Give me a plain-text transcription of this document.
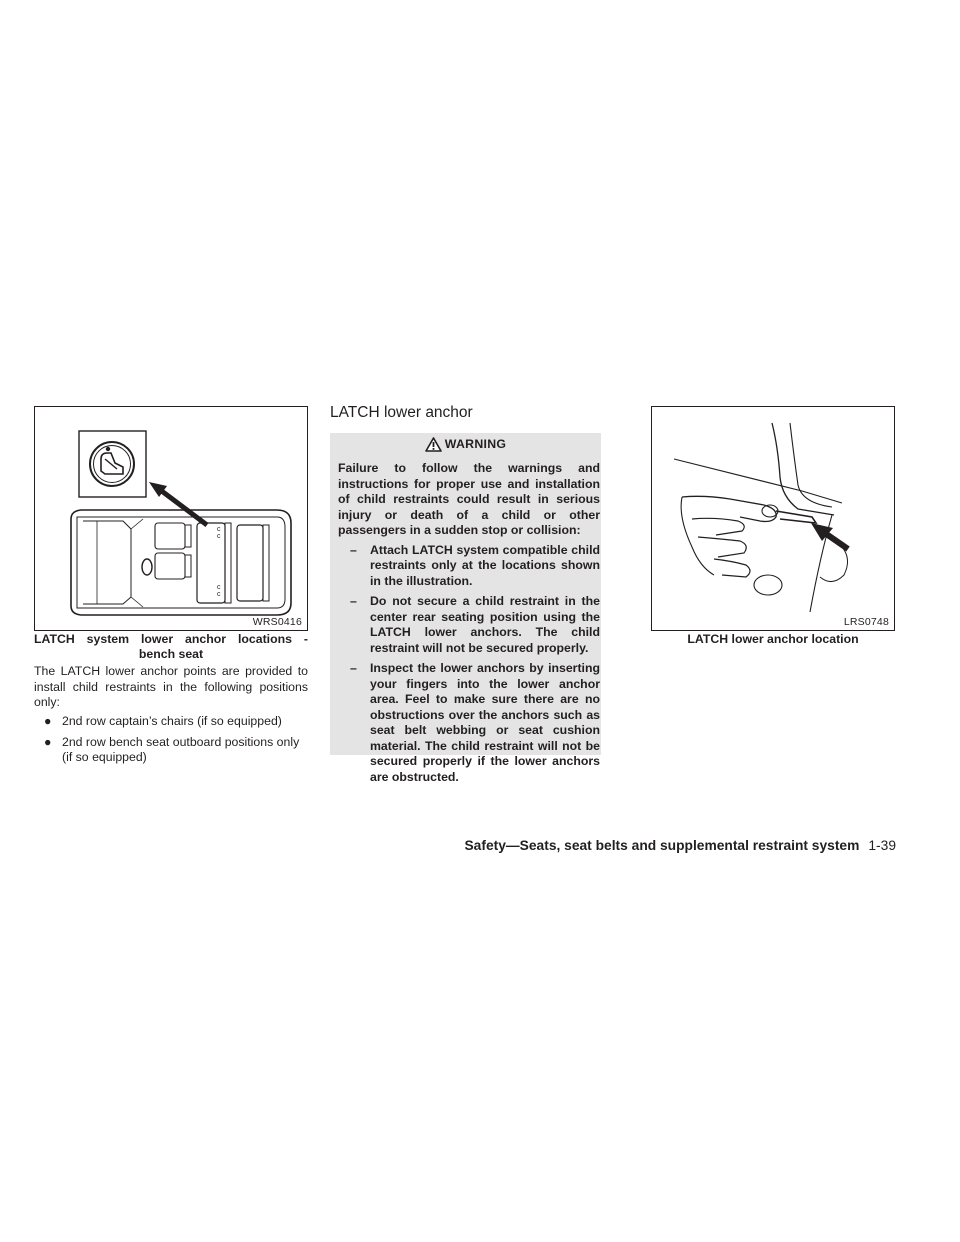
c
c
c
c
WRS0416
LATCH system lower anchor locations -
bench seat
The LATCH lower anchor points are provided to install child restraints in the following positions only:
● 2nd row captain’s chairs (if so equipped)
● 2nd row bench seat outboard positions only (if so equipped)
LATCH lower anchor
WARNING

Failure to follow the warnings and instructions for proper use and installation of child restraints could result in serious injury or death of a child or other passengers in a sudden stop or collision:

– Attach LATCH system compatible child restraints only at the locations shown in the illustration.
– Do not secure a child restraint in the center rear seating position using the LATCH lower anchors. The child restraint will not be secured properly.
– Inspect the lower anchors by inserting your fingers into the lower anchor area. Feel to make sure there are no obstructions over the anchors such as seat belt webbing or seat cushion material. The child restraint will not be secured properly if the lower anchors are obstructed.
LRS0748
LATCH lower anchor location
Safety—Seats, seat belts and supplemental restraint system 1-39
